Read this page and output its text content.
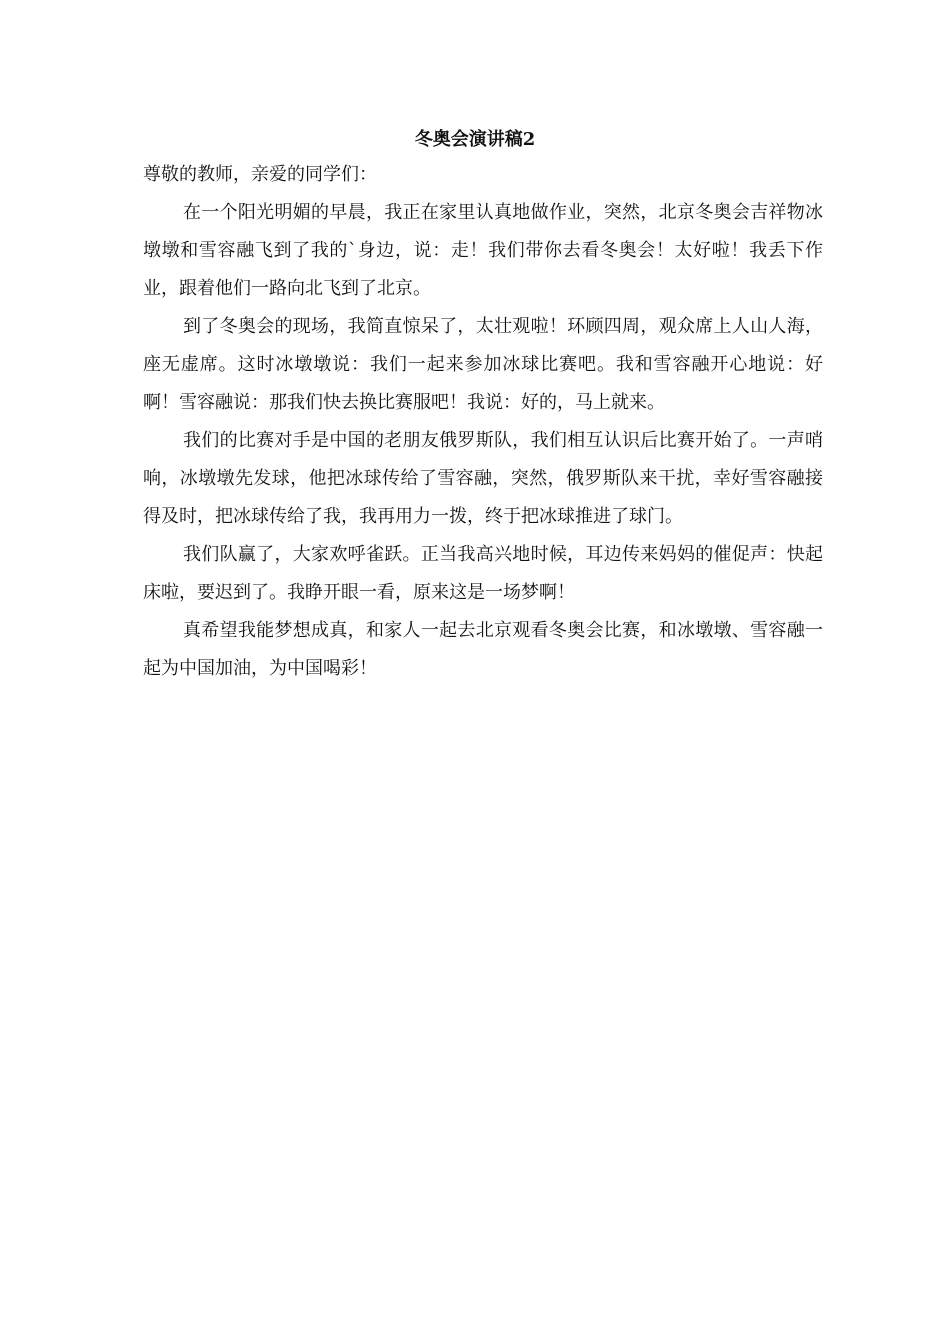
冬奥会演讲稿2

尊敬的教师，亲爱的同学们：

在一个阳光明媚的早晨，我正在家里认真地做作业，突然，北京冬奥会吉祥物冰墩墩和雪容融飞到了我的`身边，说：走！我们带你去看冬奥会！太好啦！我丢下作业，跟着他们一路向北飞到了北京。

到了冬奥会的现场，我简直惊呆了，太壮观啦！环顾四周，观众席上人山人海，座无虚席。这时冰墩墩说：我们一起来参加冰球比赛吧。我和雪容融开心地说：好啊！雪容融说：那我们快去换比赛服吧！我说：好的，马上就来。

我们的比赛对手是中国的老朋友俄罗斯队，我们相互认识后比赛开始了。一声哨响，冰墩墩先发球，他把冰球传给了雪容融，突然，俄罗斯队来干扰，幸好雪容融接得及时，把冰球传给了我，我再用力一拨，终于把冰球推进了球门。

我们队赢了，大家欢呼雀跃。正当我高兴地时候，耳边传来妈妈的催促声：快起床啦，要迟到了。我睁开眼一看，原来这是一场梦啊！

真希望我能梦想成真，和家人一起去北京观看冬奥会比赛，和冰墩墩、雪容融一起为中国加油，为中国喝彩！
